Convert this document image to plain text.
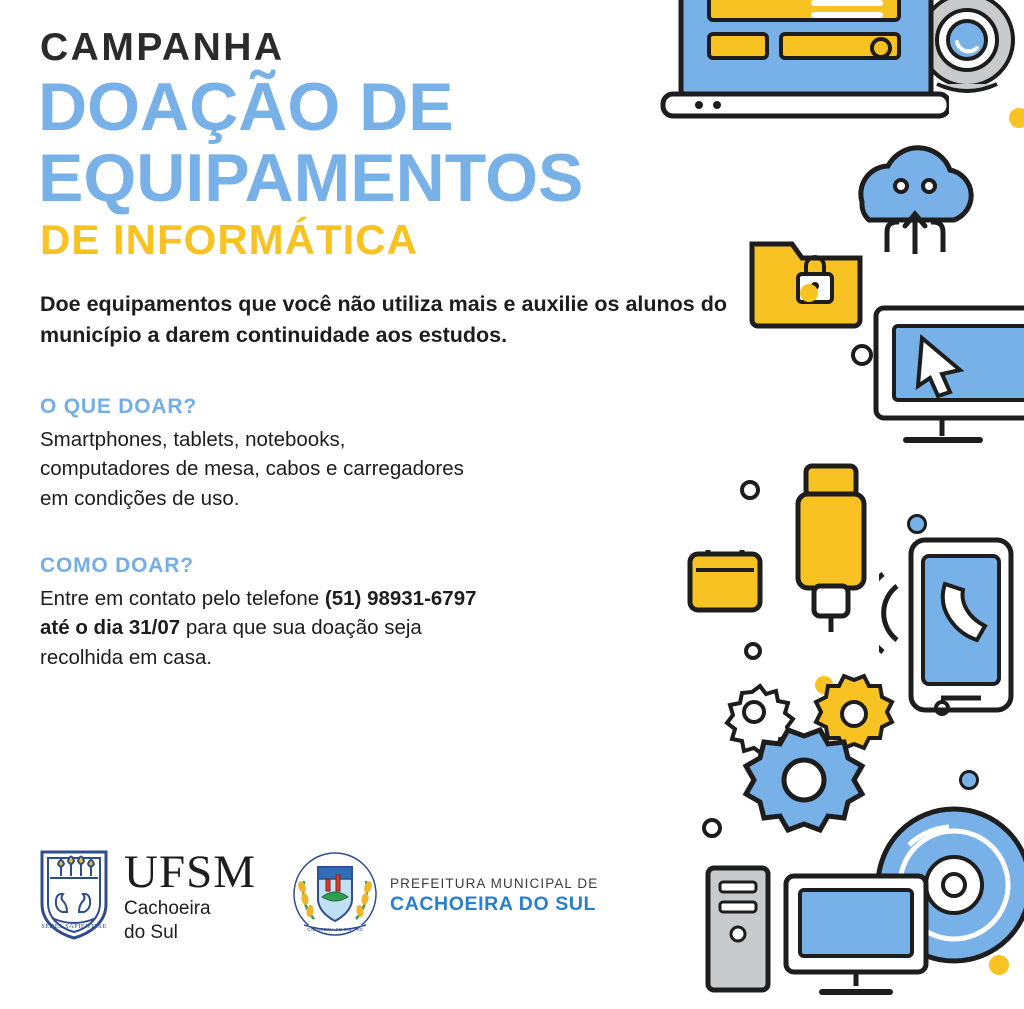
CAMPANHA
DOAÇÃO DE
EQUIPAMENTOS
DE INFORMÁTICA

Doe equipamentos que você não utiliza mais e auxilie os alunos do município a darem continuidade aos estudos.

O QUE DOAR?

Smartphones, tablets, notebooks,
computadores de mesa, cabos e carregadores
em condições de uso.

COMO DOAR?

Entre em contato pelo telefone (51) 98931-6797
até o dia 31/07 para que sua doação seja
recolhida em casa.

SEDES SAPIENTIAE
UFSM
Cachoeira
do Sul	CACHOEIRA DO SUL · RS
PREFEITURA MUNICIPAL DE
CACHOEIRA DO SUL
